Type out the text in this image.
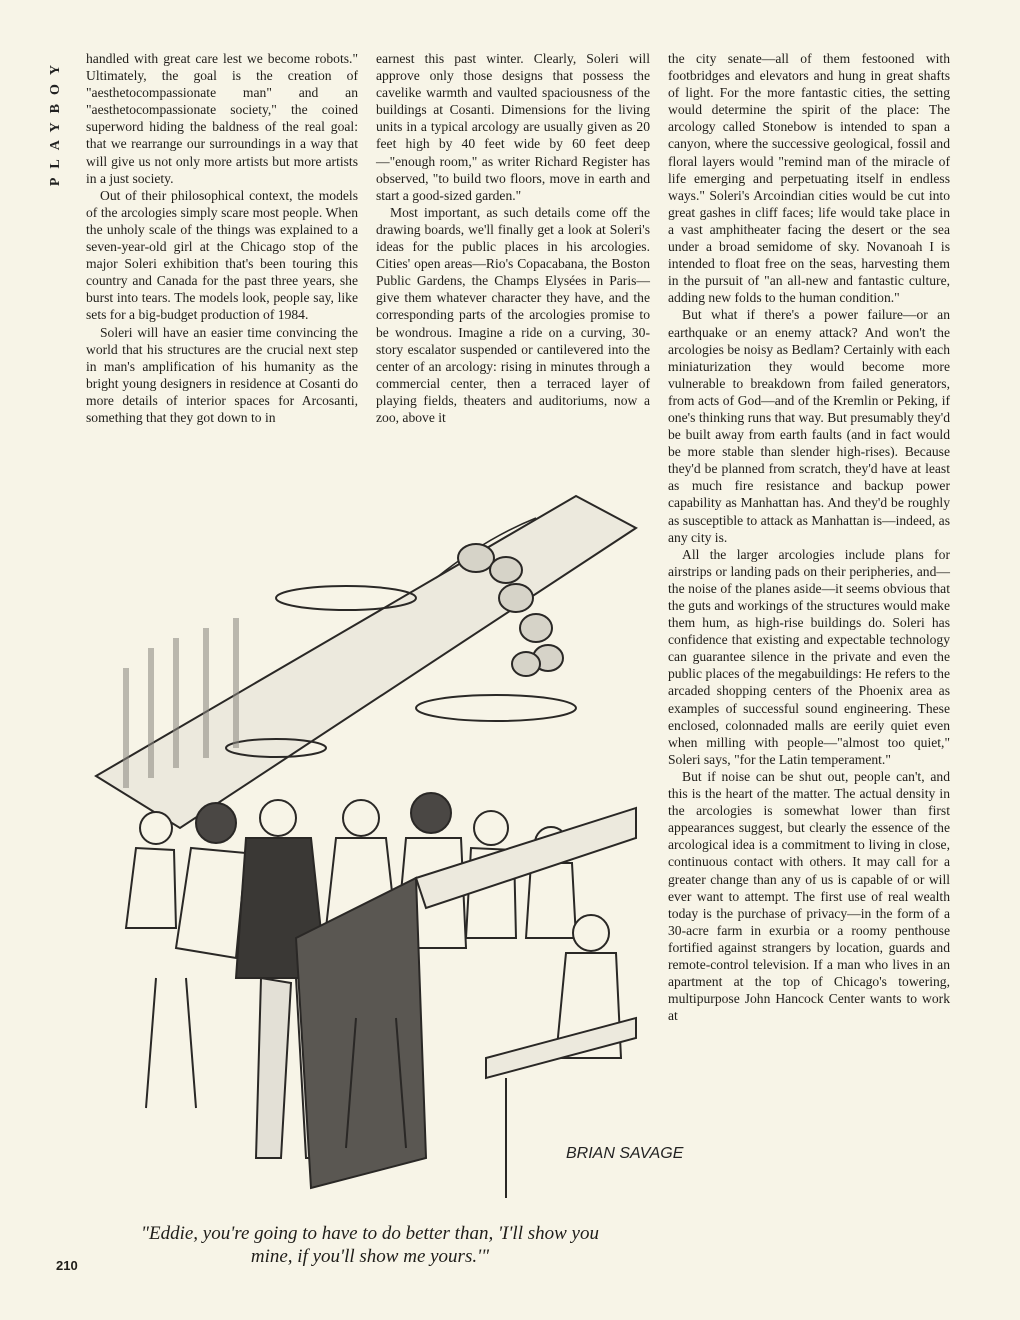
PLAYBOY handled with great care lest we become robots." Ultimately, the goal is the creation of "aesthetocompassionate man" and an "aesthetocompassionate society," the coined superword hiding the baldness of the real goal: that we rearrange our surroundings in a way that will give us not only more artists but more artists in a just society.

Out of their philosophical context, the models of the arcologies simply scare most people. When the unholy scale of the things was explained to a seven-year-old girl at the Chicago stop of the major Soleri exhibition that's been touring this country and Canada for the past three years, she burst into tears. The models look, people say, like sets for a big-budget production of 1984.

Soleri will have an easier time convincing the world that his structures are the crucial next step in man's amplification of his humanity as the bright young designers in residence at Cosanti do more details of interior spaces for Arcosanti, something that they got down to in

earnest this past winter. Clearly, Soleri will approve only those designs that possess the cavelike warmth and vaulted spaciousness of the buildings at Cosanti. Dimensions for the living units in a typical arcology are usually given as 20 feet high by 40 feet wide by 60 feet deep—"enough room," as writer Richard Register has observed, "to build two floors, move in earth and start a good-sized garden."

Most important, as such details come off the drawing boards, we'll finally get a look at Soleri's ideas for the public places in his arcologies. Cities' open areas—Rio's Copacabana, the Boston Public Gardens, the Champs Elysées in Paris—give them whatever character they have, and the corresponding parts of the arcologies promise to be wondrous. Imagine a ride on a curving, 30-story escalator suspended or cantilevered into the center of an arcology: rising in minutes through a commercial center, then a terraced layer of playing fields, theaters and auditoriums, now a zoo, above it

the city senate—all of them festooned with footbridges and elevators and hung in great shafts of light. For the more fantastic cities, the setting would determine the spirit of the place: The arcology called Stonebow is intended to span a canyon, where the successive geological, fossil and floral layers would "remind man of the miracle of life emerging and perpetuating itself in endless ways." Soleri's Arcoindian cities would be cut into great gashes in cliff faces; life would take place in a vast amphitheater facing the desert or the sea under a broad semidome of sky. Novanoah I is intended to float free on the seas, harvesting them in the pursuit of "an all-new and fantastic culture, adding new folds to the human condition."

But what if there's a power failure—or an earthquake or an enemy attack? And won't the arcologies be noisy as Bedlam? Certainly with each miniaturization they would become more vulnerable to breakdown from failed generators, from acts of God—and of the Kremlin or Peking, if one's thinking runs that way. But presumably they'd be built away from earth faults (and in fact would be more stable than slender high-rises). Because they'd be planned from scratch, they'd have at least as much fire resistance and backup power capability as Manhattan has. And they'd be roughly as susceptible to attack as Manhattan is—indeed, as any city is.

All the larger arcologies include plans for airstrips or landing pads on their peripheries, and—the noise of the planes aside—it seems obvious that the guts and workings of the structures would make them hum, as high-rise buildings do. Soleri has confidence that existing and expectable technology can guarantee silence in the private and even the public places of the megabuildings: He refers to the arcaded shopping centers of the Phoenix area as examples of successful sound engineering. These enclosed, colonnaded malls are eerily quiet even when milling with people—"almost too quiet," Soleri says, "for the Latin temperament."

But if noise can be shut out, people can't, and this is the heart of the matter. The actual density in the arcologies is somewhat lower than first appearances suggest, but clearly the essence of the arcological idea is a commitment to living in close, continuous contact with others. It may call for a greater change than any of us is capable of or will ever want to attempt. The first use of real wealth today is the purchase of privacy—in the form of a 30-acre farm in exurbia or a roomy penthouse fortified against strangers by location, guards and remote-control television. If a man who lives in an apartment at the top of Chicago's towering, multipurpose John Hancock Center wants to work at

BRIAN SAVAGE

"Eddie, you're going to have to do better than, 'I'll show you mine, if you'll show me yours.'"
210
